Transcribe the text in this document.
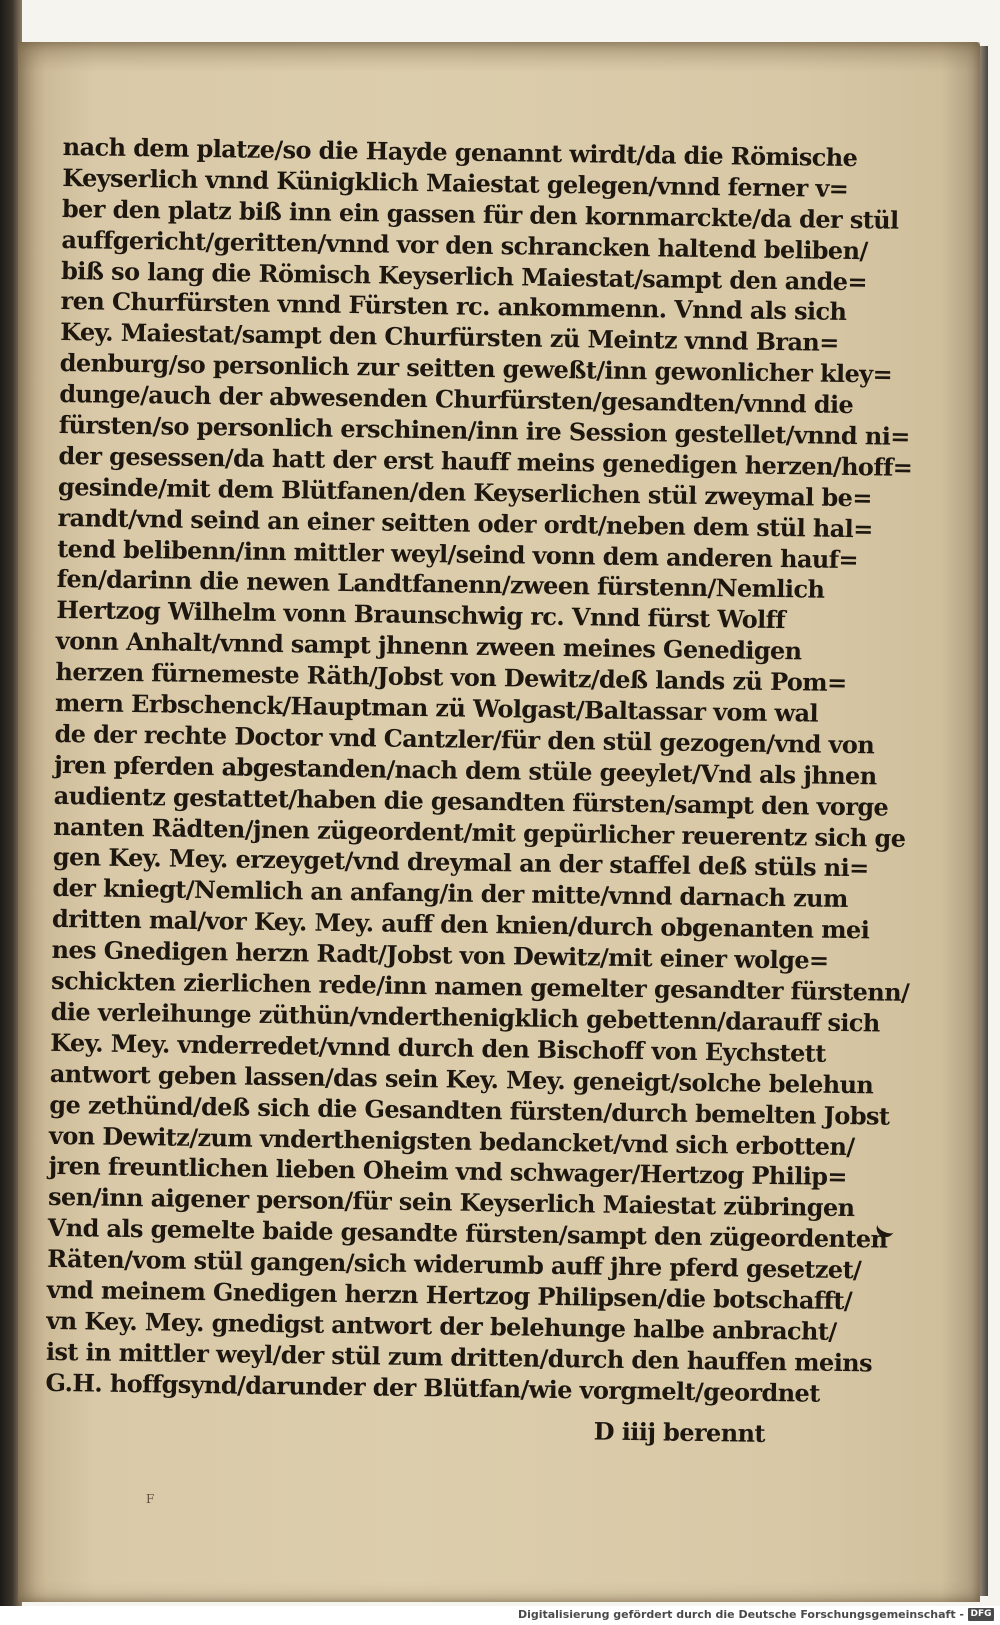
nach dem platze/so die Hayde genannt wirdt/da die Römische
Keyserlich vnnd Künigklich Maiestat gelegen/vnnd ferner v=
ber den platz biß inn ein gassen für den kornmarckte/da der stül
auffgericht/geritten/vnnd vor den schrancken haltend beliben/
biß so lang die Römisch Keyserlich Maiestat/sampt den ande=
ren Churfürsten vnnd Fürsten rc. ankommenn. Vnnd als sich
Key. Maiestat/sampt den Churfürsten zü Meintz vnnd Bran=
denburg/so personlich zur seitten geweßt/inn gewonlicher kley=
dunge/auch der abwesenden Churfürsten/gesandten/vnnd die
fürsten/so personlich erschinen/inn ire Session gestellet/vnnd ni=
der gesessen/da hatt der erst hauff meins genedigen herzen/hoff=
gesinde/mit dem Blütfanen/den Keyserlichen stül zweymal be=
randt/vnd seind an einer seitten oder ordt/neben dem stül hal=
tend belibenn/inn mittler weyl/seind vonn dem anderen hauf=
fen/darinn die newen Landtfanenn/zween fürstenn/Nemlich
Hertzog Wilhelm vonn Braunschwig rc. Vnnd fürst Wolff
vonn Anhalt/vnnd sampt jhnenn zween meines Genedigen
herzen fürnemeste Räth/Jobst von Dewitz/deß lands zü Pom=
mern Erbschenck/Hauptman zü Wolgast/Baltassar vom wal
de der rechte Doctor vnd Cantzler/für den stül gezogen/vnd von
jren pferden abgestanden/nach dem stüle geeylet/Vnd als jhnen
audientz gestattet/haben die gesandten fürsten/sampt den vorge
nanten Rädten/jnen zügeordent/mit gepürlicher reuerentz sich ge
gen Key. Mey. erzeyget/vnd dreymal an der staffel deß stüls ni=
der kniegt/Nemlich an anfang/in der mitte/vnnd darnach zum
dritten mal/vor Key. Mey. auff den knien/durch obgenanten mei
nes Gnedigen herzn Radt/Jobst von Dewitz/mit einer wolge=
schickten zierlichen rede/inn namen gemelter gesandter fürstenn/
die verleihunge züthün/vnderthenigklich gebettenn/darauff sich
Key. Mey. vnderredet/vnnd durch den Bischoff von Eychstett
antwort geben lassen/das sein Key. Mey. geneigt/solche belehun
ge zethünd/deß sich die Gesandten fürsten/durch bemelten Jobst
von Dewitz/zum vnderthenigsten bedancket/vnd sich erbotten/
jren freuntlichen lieben Oheim vnd schwager/Hertzog Philip=
sen/inn aigener person/für sein Keyserlich Maiestat zübringen
Vnd als gemelte baide gesandte fürsten/sampt den zügeordenten
Räten/vom stül gangen/sich widerumb auff jhre pferd gesetzet/
vnd meinem Gnedigen herzn Hertzog Philipsen/die botschafft/
vn Key. Mey. gnedigst antwort der belehunge halbe anbracht/
ist in mittler weyl/der stül zum dritten/durch den hauffen meins
G.H. hoffgsynd/darunder der Blütfan/wie vorgmelt/geordnet
D iiij berennt
F
Digitalisierung gefördert durch die Deutsche Forschungsgemeinschaft - DFG
